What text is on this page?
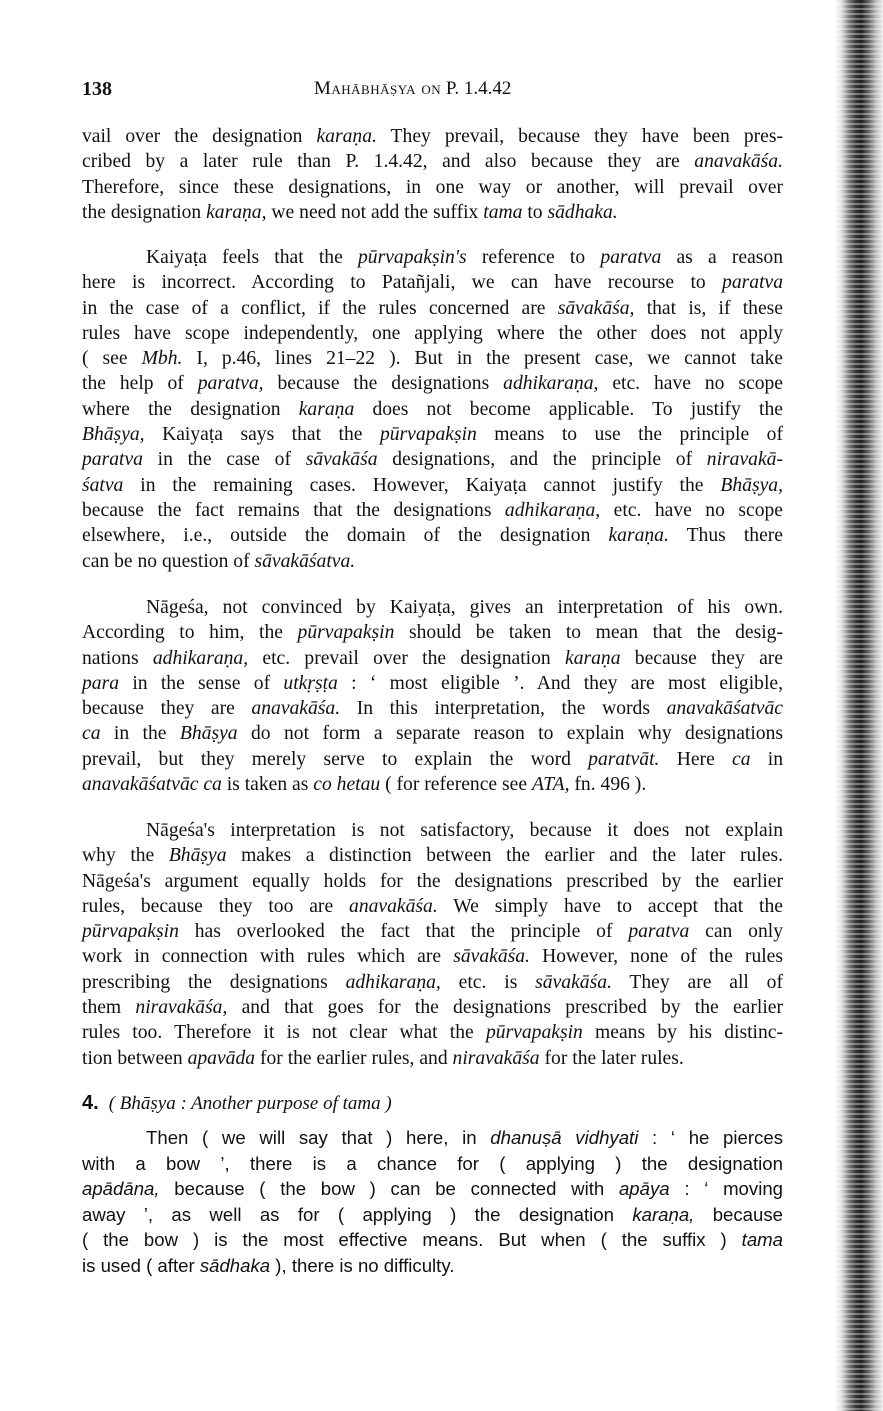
138	Mahābhāṣya on P. 1.4.42
vail over the designation karaṇa. They prevail, because they have been pres-
cribed by a later rule than P. 1.4.42, and also because they are anavakāśa.
Therefore, since these designations, in one way or another, will prevail over
the designation karaṇa, we need not add the suffix tama to sādhaka.
Kaiyaṭa feels that the pūrvapakṣin's reference to paratva as a reason
here is incorrect. According to Patañjali, we can have recourse to paratva
in the case of a conflict, if the rules concerned are sāvakāśa, that is, if these
rules have scope independently, one applying where the other does not apply
( see Mbh. I, p.46, lines 21–22 ). But in the present case, we cannot take
the help of paratva, because the designations adhikaraṇa, etc. have no scope
where the designation karaṇa does not become applicable. To justify the
Bhāṣya, Kaiyaṭa says that the pūrvapakṣin means to use the principle of
paratva in the case of sāvakāśa designations, and the principle of niravakā-
śatva in the remaining cases. However, Kaiyaṭa cannot justify the Bhāṣya,
because the fact remains that the designations adhikaraṇa, etc. have no scope
elsewhere, i.e., outside the domain of the designation karaṇa. Thus there
can be no question of sāvakāśatva.
Nāgeśa, not convinced by Kaiyaṭa, gives an interpretation of his own.
According to him, the pūrvapakṣin should be taken to mean that the desig-
nations adhikaraṇa, etc. prevail over the designation karaṇa because they are
para in the sense of utkṛṣṭa : ‘ most eligible ’. And they are most eligible,
because they are anavakāśa. In this interpretation, the words anavakāśatvāc
ca in the Bhāṣya do not form a separate reason to explain why designations
prevail, but they merely serve to explain the word paratvāt. Here ca in
anavakāśatvāc ca is taken as co hetau ( for reference see ATA, fn. 496 ).
Nāgeśa's interpretation is not satisfactory, because it does not explain
why the Bhāṣya makes a distinction between the earlier and the later rules.
Nāgeśa's argument equally holds for the designations prescribed by the earlier
rules, because they too are anavakāśa. We simply have to accept that the
pūrvapakṣin has overlooked the fact that the principle of paratva can only
work in connection with rules which are sāvakāśa. However, none of the rules
prescribing the designations adhikaraṇa, etc. is sāvakāśa. They are all of
them niravakāśa, and that goes for the designations prescribed by the earlier
rules too. Therefore it is not clear what the pūrvapakṣin means by his distinc-
tion between apavāda for the earlier rules, and niravakāśa for the later rules.
4. ( Bhāṣya : Another purpose of tama )
Then ( we will say that ) here, in dhanuṣā vidhyati : ‘ he pierces
with a bow ’, there is a chance for ( applying ) the designation
apādāna, because ( the bow ) can be connected with apāya : ‘ moving
away ’, as well as for ( applying ) the designation karaṇa, because
( the bow ) is the most effective means. But when ( the suffix ) tama
is used ( after sādhaka ), there is no difficulty.
